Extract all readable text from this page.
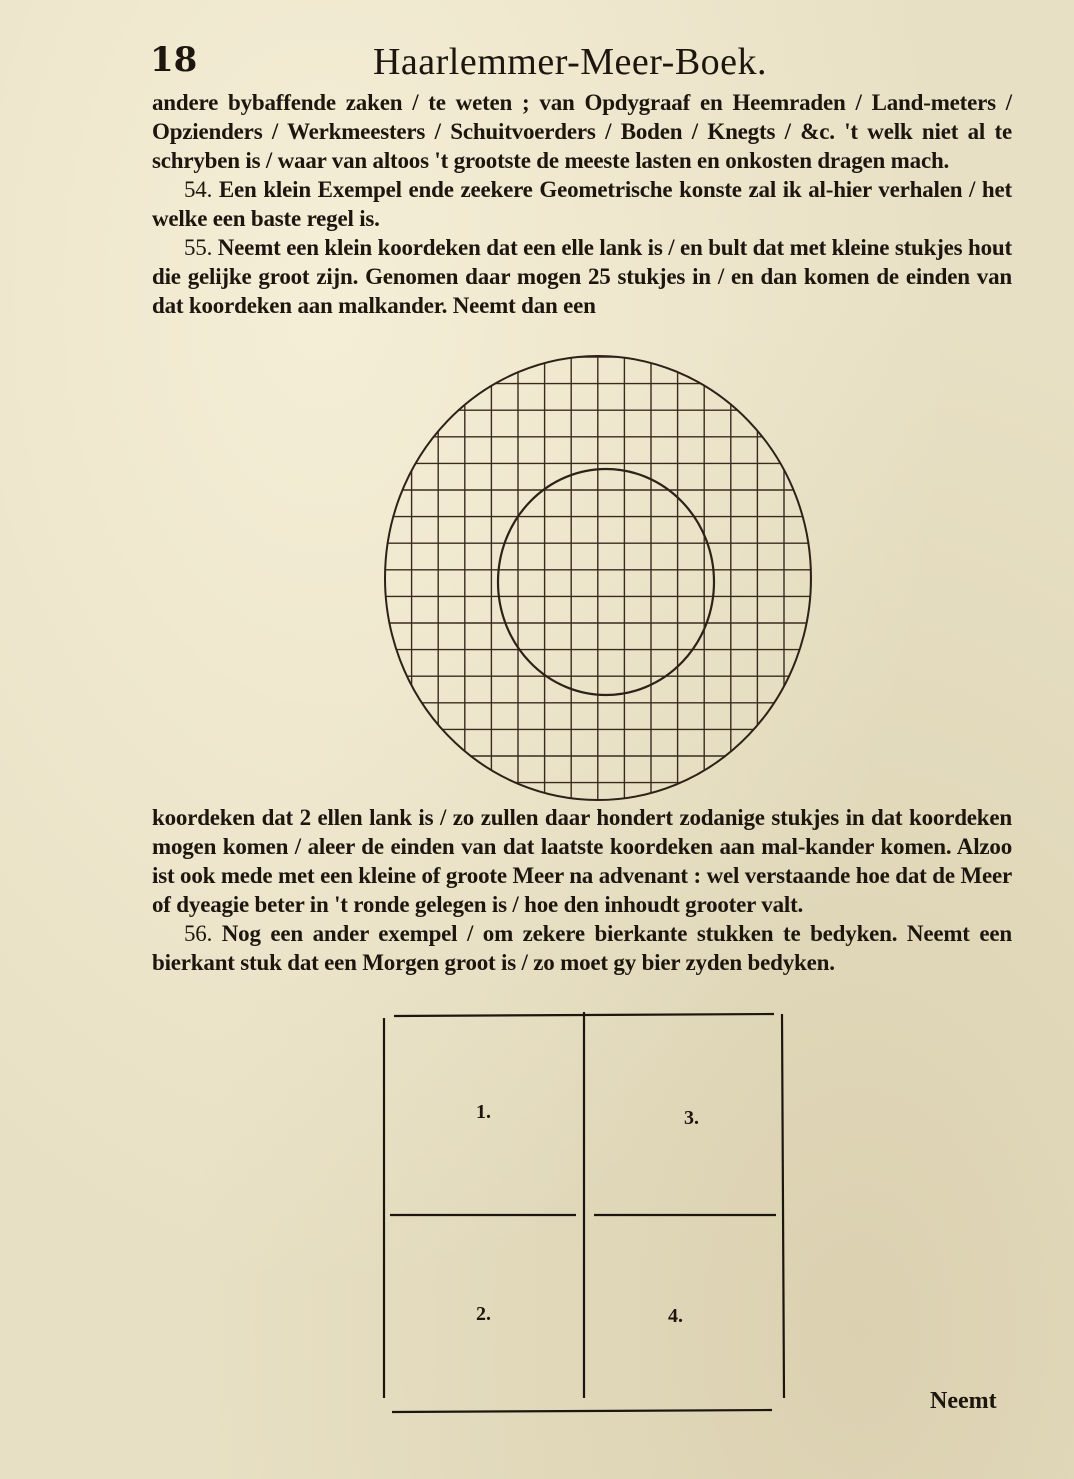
18	Haarlemmer-Meer-Boek.

andere bybaffende zaken / te weten ; van Opdygraaf en Heemraden / Land-meters / Opzienders / Werkmeesters / Schuitvoerders / Boden / Knegts / &c. 't welk niet al te schryben is / waar van altoos 't grootste de meeste lasten en onkosten dragen mach.

54. Een klein Exempel ende zeekere Geometrische konste zal ik al-hier verhalen / het welke een baste regel is.

55. Neemt een klein koordeken dat een elle lank is / en bult dat met kleine stukjes hout die gelijke groot zijn. Genomen daar mogen 25 stukjes in / en dan komen de einden van dat koordeken aan malkander. Neemt dan een

koordeken dat 2 ellen lank is / zo zullen daar hondert zodanige stukjes in dat koordeken mogen komen / aleer de einden van dat laatste koordeken aan mal-kander komen. Alzoo ist ook mede met een kleine of groote Meer na advenant : wel verstaande hoe dat de Meer of dyeagie beter in 't ronde gelegen is / hoe den inhoudt grooter valt.

56. Nog een ander exempel / om zekere bierkante stukken te bedyken. Neemt een bierkant stuk dat een Morgen groot is / zo moet gy bier zyden bedyken.

1.	3.
2.	4.
Neemt
